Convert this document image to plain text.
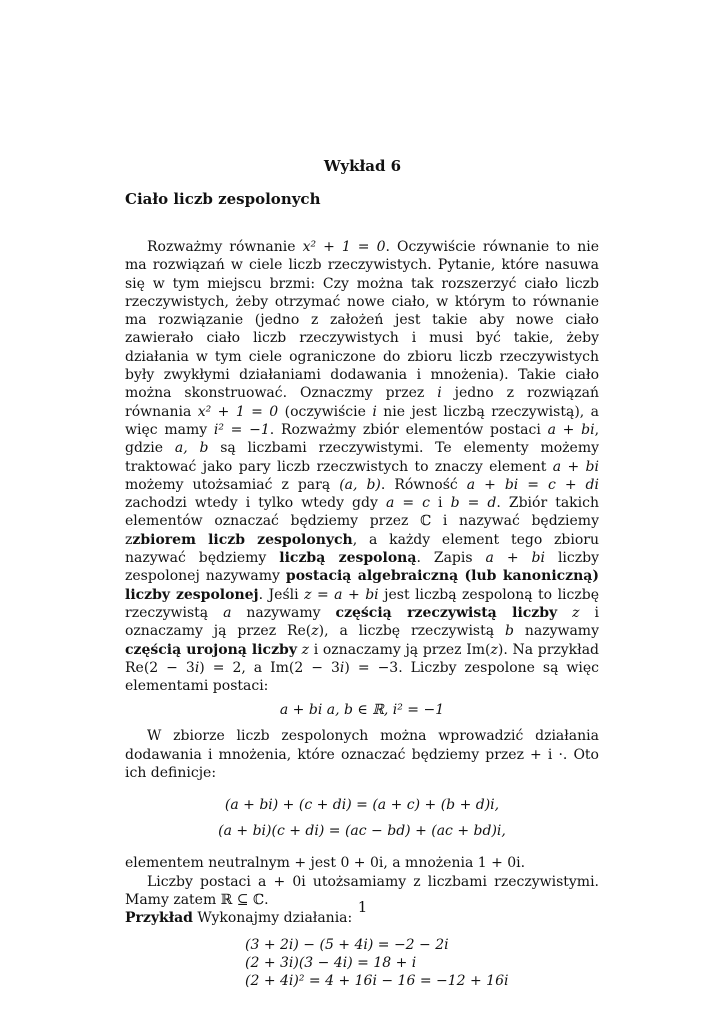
Wykład 6
Ciało liczb zespolonych

Rozważmy równanie x² + 1 = 0. Oczywiście równanie to nie ma rozwiązań w ciele liczb rzeczywistych. Pytanie, które nasuwa się w tym miejscu brzmi: Czy można tak rozszerzyć ciało liczb rzeczywistych, żeby otrzymać nowe ciało, w którym to równanie ma rozwiązanie (jedno z założeń jest takie aby nowe ciało zawierało ciało liczb rzeczywistych i musi być takie, żeby działania w tym ciele ograniczone do zbioru liczb rzeczywistych były zwykłymi działaniami dodawania i mnożenia). Takie ciało można skonstruować. Oznaczmy przez i jedno z rozwiązań równania x² + 1 = 0 (oczywiście i nie jest liczbą rzeczywistą), a więc mamy i² = −1. Rozważmy zbiór elementów postaci a + bi, gdzie a, b są liczbami rzeczywistymi. Te elementy możemy traktować jako pary liczb rzeczwistych to znaczy element a + bi możemy utożsamiać z parą (a, b). Równość a + bi = c + di zachodzi wtedy i tylko wtedy gdy a = c i b = d. Zbiór takich elementów oznaczać będziemy przez ℂ i nazywać będziemy zzbiorem liczb zespolonych, a każdy element tego zbioru nazywać będziemy liczbą zespoloną. Zapis a + bi liczby zespolonej nazywamy postacią algebraiczną (lub kanoniczną) liczby zespolonej. Jeśli z = a + bi jest liczbą zespoloną to liczbę rzeczywistą a nazywamy częścią rzeczywistą liczby z i oznaczamy ją przez Re(z), a liczbę rzeczywistą b nazywamy częścią urojoną liczby z i oznaczamy ją przez Im(z). Na przykład Re(2 − 3i) = 2, a Im(2 − 3i) = −3. Liczby zespolone są więc elementami postaci:

a + bi a, b ∈ ℝ, i² = −1

W zbiorze liczb zespolonych można wprowadzić działania dodawania i mnożenia, które oznaczać będziemy przez + i ·. Oto ich definicje:

(a + bi) + (c + di) = (a + c) + (b + d)i,
(a + bi)(c + di) = (ac − bd) + (ac + bd)i,

elementem neutralnym + jest 0 + 0i, a mnożenia 1 + 0i.

Liczby postaci a + 0i utożsamiamy z liczbami rzeczywistymi. Mamy zatem ℝ ⊆ ℂ.

Przykład Wykonajmy działania:

(3 + 2i) − (5 + 4i) = −2 − 2i
(2 + 3i)(3 − 4i) = 18 + i
(2 + 4i)² = 4 + 16i − 16 = −12 + 16i
1
